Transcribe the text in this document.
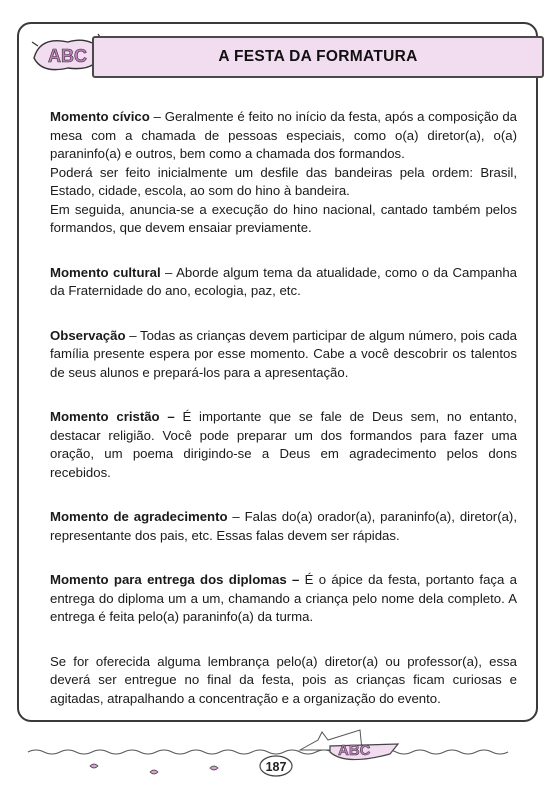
ABC	A FESTA DA FORMATURA

Momento cívico – Geralmente é feito no início da festa, após a composição da mesa com a chamada de pessoas especiais, como o(a) diretor(a), o(a) paraninfo(a) e outros, bem como a chamada dos formandos.

Poderá ser feito inicialmente um desfile das bandeiras pela ordem: Brasil, Estado, cidade, escola, ao som do hino à bandeira.

Em seguida, anuncia-se a execução do hino nacional, cantado também pelos formandos, que devem ensaiar previamente.

Momento cultural – Aborde algum tema da atualidade, como o da Campanha da Fraternidade do ano, ecologia, paz, etc.

Observação – Todas as crianças devem participar de algum número, pois cada família presente espera por esse momento. Cabe a você descobrir os talentos de seus alunos e prepará-los para a apresentação.

Momento cristão – É importante que se fale de Deus sem, no entanto, destacar religião. Você pode preparar um dos formandos para fazer uma oração, um poema dirigindo-se a Deus em agradecimento pelos dons recebidos.

Momento de agradecimento – Falas do(a) orador(a), paraninfo(a), diretor(a), representante dos pais, etc. Essas falas devem ser rápidas.

Momento para entrega dos diplomas – É o ápice da festa, portanto faça a entrega do diploma um a um, chamando a criança pelo nome dela completo. A entrega é feita pelo(a) paraninfo(a) da turma.

Se for oferecida alguma lembrança pelo(a) diretor(a) ou professor(a), essa deverá ser entregue no final da festa, pois as crianças ficam curiosas e agitadas, atrapalhando a concentração e a organização do evento.

ABC
187
